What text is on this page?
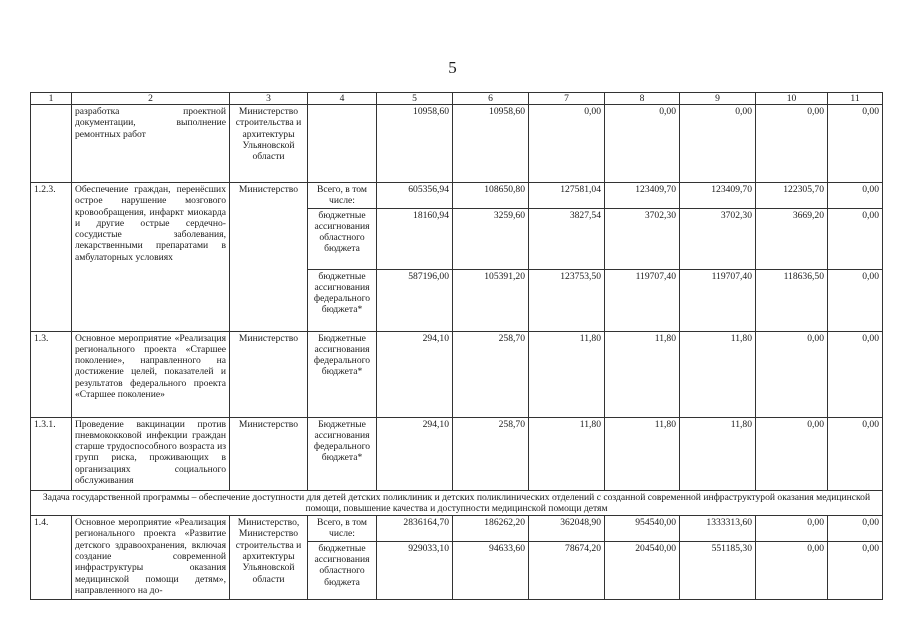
5
1	2	3	4	5	6	7	8	9	10	11
	разработка проектной документации, выполнение ремонтных работ	Министерство строительства и архитектуры Ульяновской области		10958,60	10958,60	0,00	0,00	0,00	0,00	0,00
1.2.3.	Обеспечение граждан, перенёсших острое нарушение мозгового кровообращения, инфаркт миокарда и другие острые сердечно-сосудистые заболевания, лекарственными препаратами в амбулаторных условиях	Министерство	Всего, в том числе:	605356,94	108650,80	127581,04	123409,70	123409,70	122305,70	0,00
			бюджетные ассигнования областного бюджета	18160,94	3259,60	3827,54	3702,30	3702,30	3669,20	0,00
			бюджетные ассигнования федерального бюджета*	587196,00	105391,20	123753,50	119707,40	119707,40	118636,50	0,00
1.3.	Основное мероприятие «Реализация регионального проекта «Старшее поколение», направленного на достижение целей, показателей и результатов федерального проекта «Старшее поколение»	Министерство	Бюджетные ассигнования федерального бюджета*	294,10	258,70	11,80	11,80	11,80	0,00	0,00
1.3.1.	Проведение вакцинации против пневмококковой инфекции граждан старше трудоспособного возраста из групп риска, проживающих в организациях социального обслуживания	Министерство	Бюджетные ассигнования федерального бюджета*	294,10	258,70	11,80	11,80	11,80	0,00	0,00
Задача государственной программы – обеспечение доступности для детей детских поликлиник и детских поликлинических отделений с созданной современной инфраструктурой оказания медицинской помощи, повышение качества и доступности медицинской помощи детям										
1.4.	Основное мероприятие «Реализация регионального проекта «Развитие детского здравоохранения, включая создание современной инфраструктуры оказания медицинской помощи детям», направленного на до-	Министерство, Министерство строительства и архитектуры Ульяновской области	Всего, в том числе:	2836164,70	186262,20	362048,90	954540,00	1333313,60	0,00	0,00
			бюджетные ассигнования областного бюджета	929033,10	94633,60	78674,20	204540,00	551185,30	0,00	0,00
